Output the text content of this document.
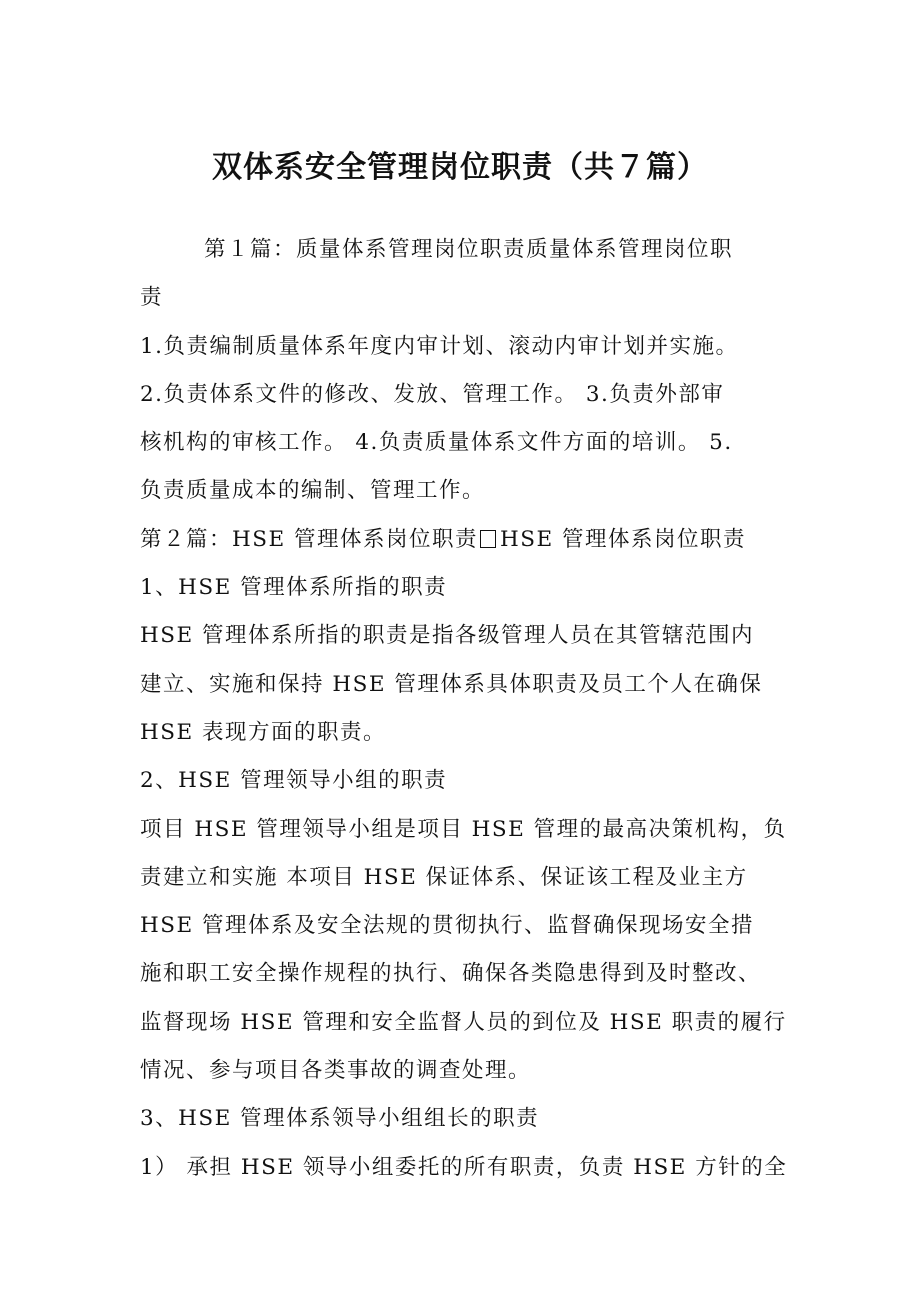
双体系安全管理岗位职责（共７篇）
第１篇：质量体系管理岗位职责质量体系管理岗位职
责
1.负责编制质量体系年度内审计划、滚动内审计划并实施。
2.负责体系文件的修改、发放、管理工作。 3.负责外部审
核机构的审核工作。 4.负责质量体系文件方面的培训。 5.
负责质量成本的编制、管理工作。
第２篇：HSE 管理体系岗位职责 HSE 管理体系岗位职责
1、HSE 管理体系所指的职责
HSE 管理体系所指的职责是指各级管理人员在其管辖范围内
建立、实施和保持 HSE 管理体系具体职责及员工个人在确保
HSE 表现方面的职责。
2、HSE 管理领导小组的职责
项目 HSE 管理领导小组是项目 HSE 管理的最高决策机构，负
责建立和实施 本项目 HSE 保证体系、保证该工程及业主方
HSE 管理体系及安全法规的贯彻执行、监督确保现场安全措
施和职工安全操作规程的执行、确保各类隐患得到及时整改、
监督现场 HSE 管理和安全监督人员的到位及 HSE 职责的履行
情况、参与项目各类事故的调查处理。
3、HSE 管理体系领导小组组长的职责
1） 承担 HSE 领导小组委托的所有职责，负责 HSE 方针的全
